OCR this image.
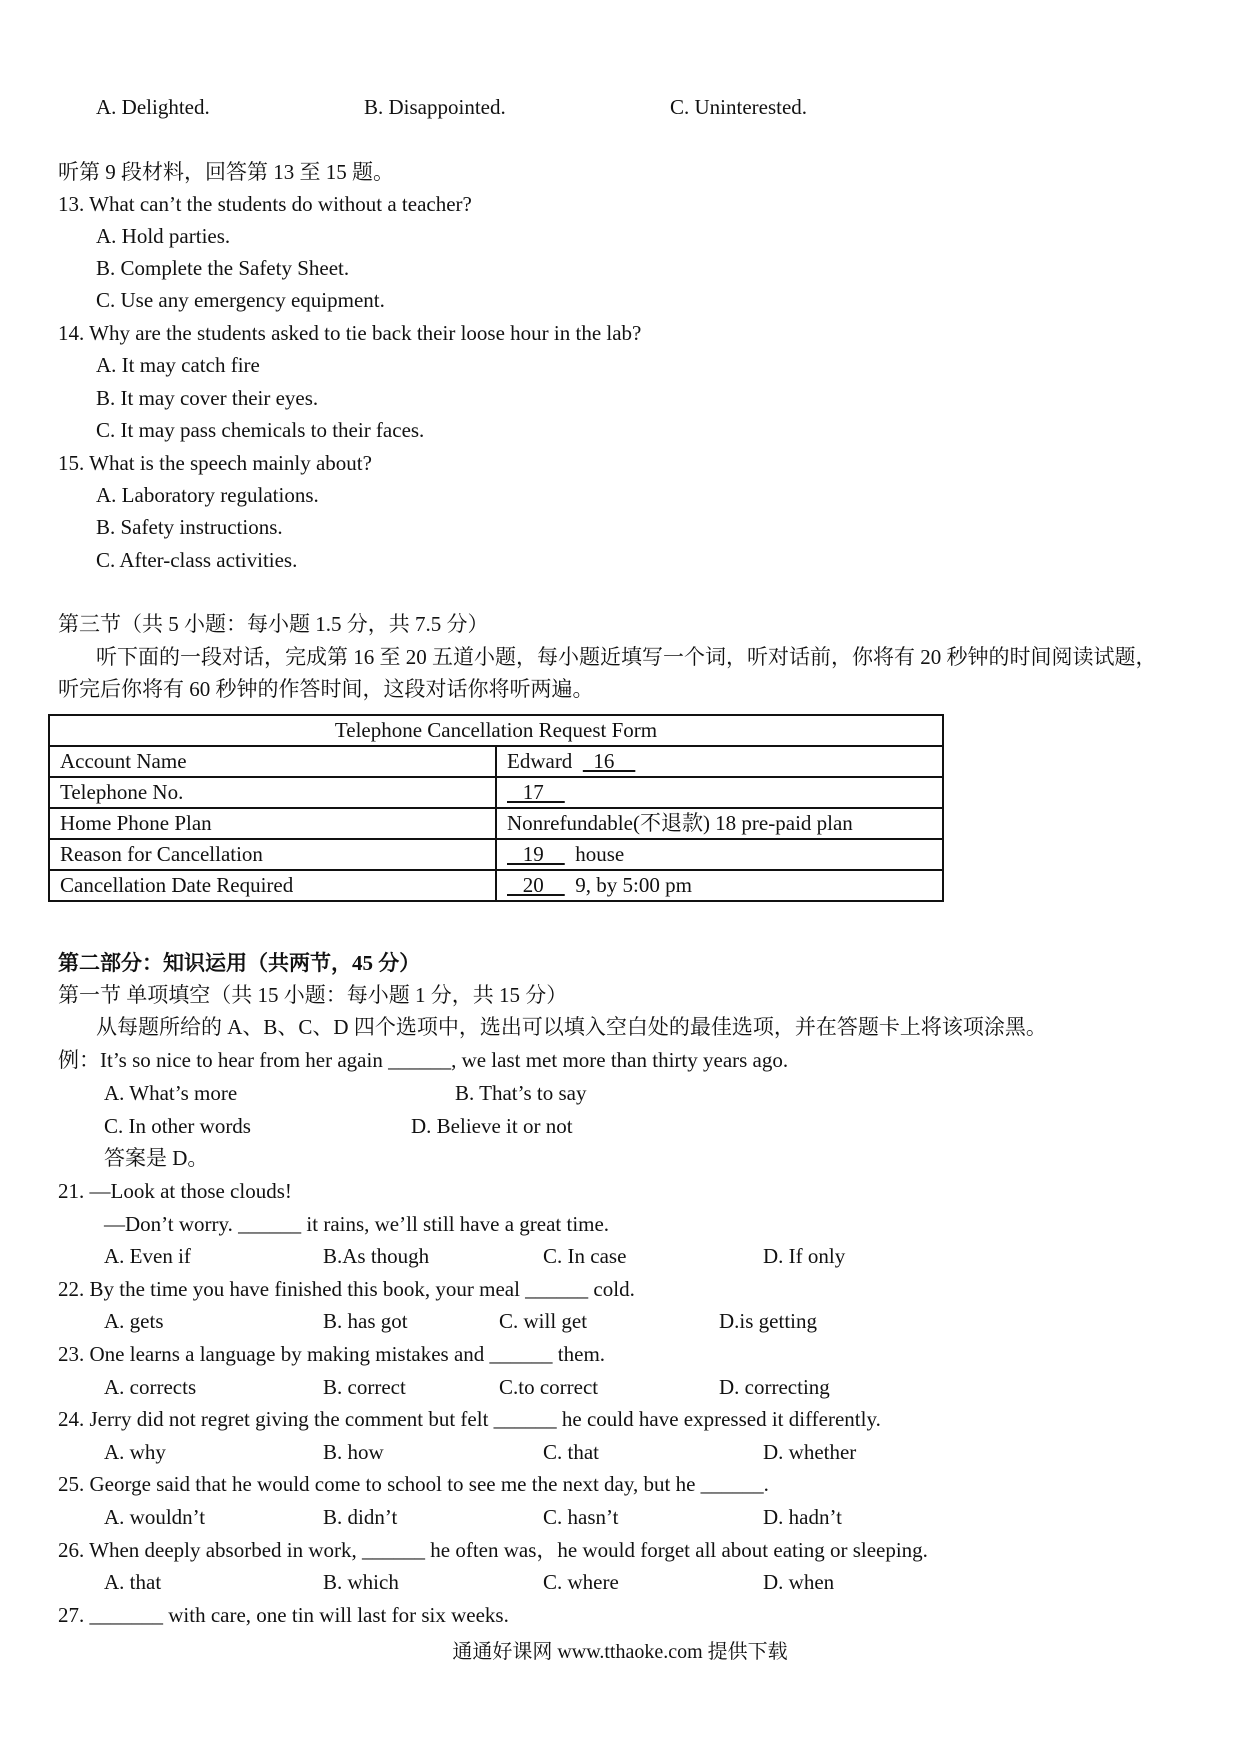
A. Delighted.	B. Disappointed.	C. Uninterested.
听第 9 段材料，回答第 13 至 15 题。
13. What can’t the students do without a teacher?
A. Hold parties.
B. Complete the Safety Sheet.
C. Use any emergency equipment.
14. Why are the students asked to tie back their loose hour in the lab?
A. It may catch fire
B. It may cover their eyes.
C. It may pass chemicals to their faces.
15. What is the speech mainly about?
A. Laboratory regulations.
B. Safety instructions.
C. After-class activities.
第三节（共 5 小题：每小题 1.5 分，共 7.5 分）
听下面的一段对话，完成第 16 至 20 五道小题，每小题近填写一个词，听对话前，你将有 20 秒钟的时间阅读试题，
听完后你将有 60 秒钟的作答时间，这段对话你将听两遍。
Telephone Cancellation Request Form	
Account Name	Edward    16
Telephone No.	17
Home Phone Plan	Nonrefundable(不退款) 18 pre-paid plan
Reason for Cancellation	19      house
Cancellation Date Required	20      9, by 5:00 pm
第二部分：知识运用（共两节，45 分）
第一节 单项填空（共 15 小题：每小题 1 分，共 15 分）
从每题所给的 A、B、C、D 四个选项中，选出可以填入空白处的最佳选项，并在答题卡上将该项涂黑。
例：It’s so nice to hear from her again ______, we last met more than thirty years ago.
A. What’s more	B. That’s to say
C. In other words	D. Believe it or not
答案是 D。
21. —Look at those clouds!
—Don’t worry. ______ it rains, we’ll still have a great time.
A. Even if	B.As though	C. In case	D. If only
22. By the time you have finished this book, your meal ______ cold.
A. gets	B. has got	C. will get	D.is getting
23. One learns a language by making mistakes and ______ them.
A. corrects	B. correct	C.to correct	D. correcting
24. Jerry did not regret giving the comment but felt ______ he could have expressed it differently.
A. why	B. how	C. that	D. whether
25. George said that he would come to school to see me the next day, but he ______.
A. wouldn’t	B. didn’t	C. hasn’t	D. hadn’t
26. When deeply absorbed in work, ______ he often was，he would forget all about eating or sleeping.
A. that	B. which	C. where	D. when
27. _______ with care, one tin will last for six weeks.
通通好课网 www.tthaoke.com 提供下载
